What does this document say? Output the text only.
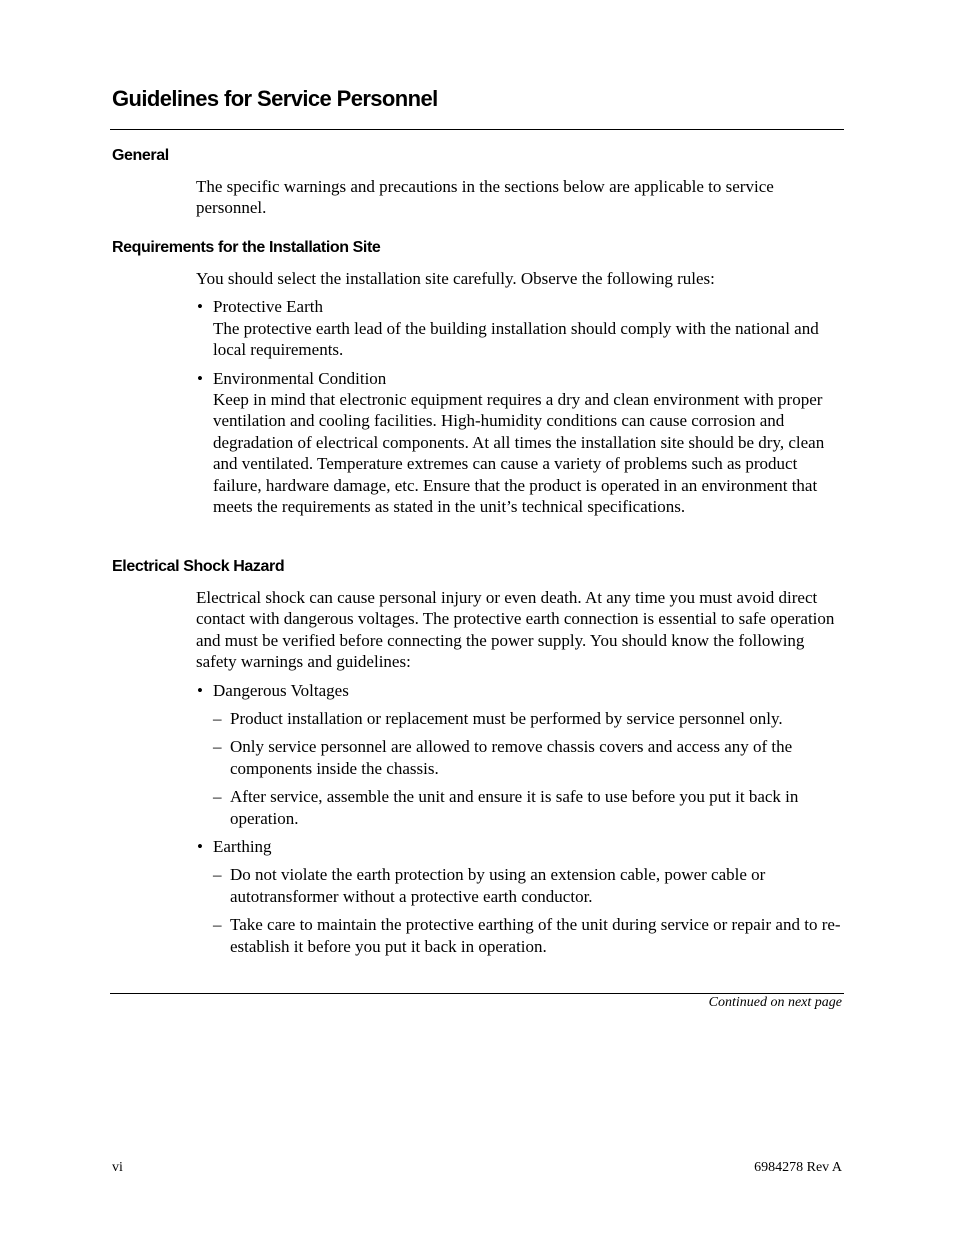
Guidelines for Service Personnel
General

The specific warnings and precautions in the sections below are applicable to service personnel.

Requirements for the Installation Site

You should select the installation site carefully. Observe the following rules:

• Protective Earth
The protective earth lead of the building installation should comply with the national and local requirements.
• Environmental Condition
Keep in mind that electronic equipment requires a dry and clean environment with proper ventilation and cooling facilities. High-humidity conditions can cause corrosion and degradation of electrical components. At all times the installation site should be dry, clean and ventilated. Temperature extremes can cause a variety of problems such as product failure, hardware damage, etc. Ensure that the product is operated in an environment that meets the requirements as stated in the unit’s technical specifications.
Electrical Shock Hazard

Electrical shock can cause personal injury or even death. At any time you must avoid direct contact with dangerous voltages. The protective earth connection is essential to safe operation and must be verified before connecting the power supply. You should know the following safety warnings and guidelines:

• Dangerous Voltages
– Product installation or replacement must be performed by service personnel only.
– Only service personnel are allowed to remove chassis covers and access any of the components inside the chassis.
– After service, assemble the unit and ensure it is safe to use before you put it back in operation.
• Earthing
– Do not violate the earth protection by using an extension cable, power cable or autotransformer without a protective earth conductor.
– Take care to maintain the protective earthing of the unit during service or repair and to re-establish it before you put it back in operation.
Continued on next page
vi	6984278 Rev A
